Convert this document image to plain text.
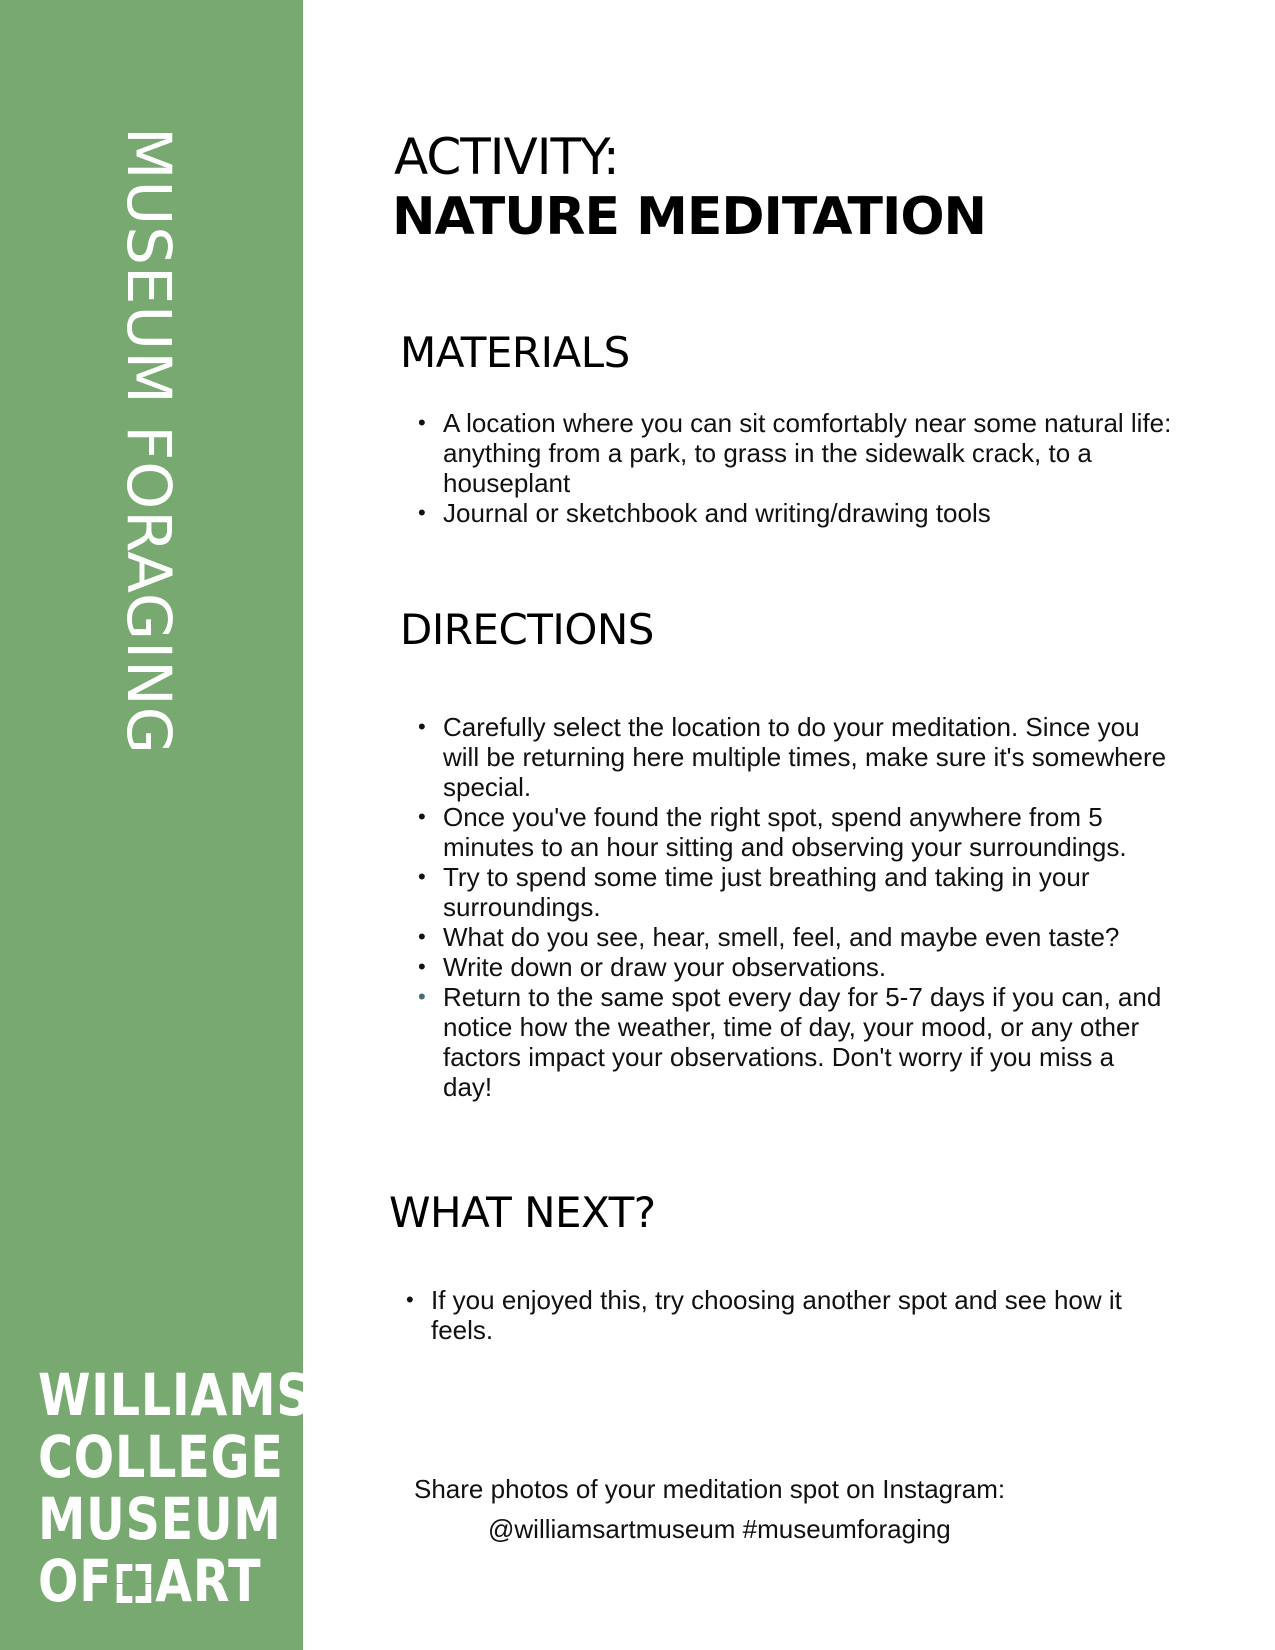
MUSEUM FORAGING
WILLIAMS
COLLEGE
MUSEUM
OF ART
ACTIVITY:
NATURE MEDITATION
MATERIALS
• A location where you can sit comfortably near some natural life: anything from a park, to grass in the sidewalk crack, to a houseplant
• Journal or sketchbook and writing/drawing tools
DIRECTIONS
• Carefully select the location to do your meditation. Since you will be returning here multiple times, make sure it's somewhere special.
• Once you've found the right spot, spend anywhere from 5 minutes to an hour sitting and observing your surroundings.
• Try to spend some time just breathing and taking in your surroundings.
• What do you see, hear, smell, feel, and maybe even taste?
• Write down or draw your observations.
• Return to the same spot every day for 5-7 days if you can, and notice how the weather, time of day, your mood, or any other factors impact your observations. Don't worry if you miss a day!
WHAT NEXT?
• If you enjoyed this, try choosing another spot and see how it feels.
Share photos of your meditation spot on Instagram:
@williamsartmuseum #museumforaging
